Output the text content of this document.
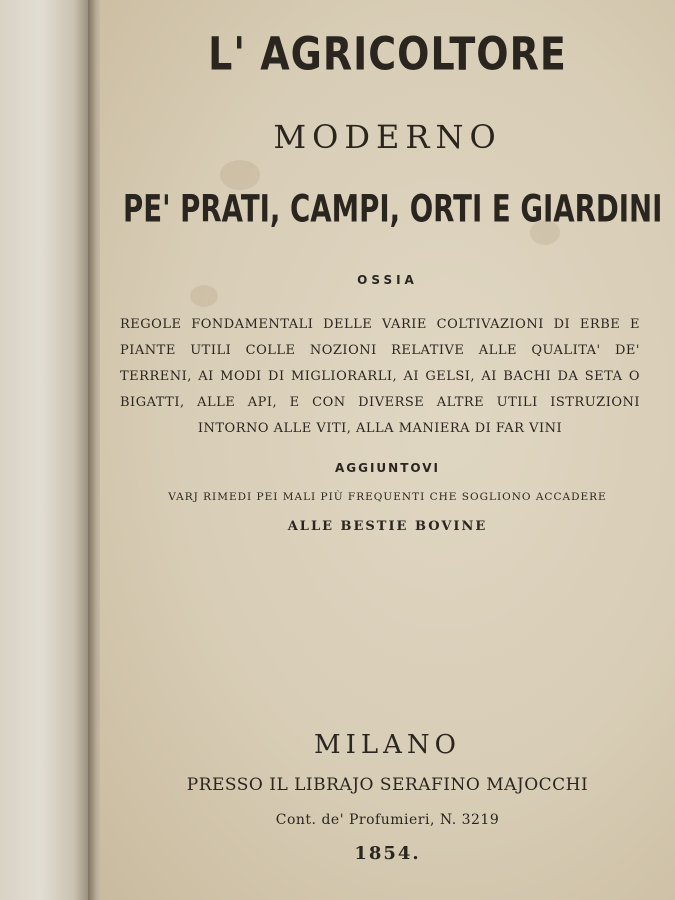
L' AGRICOLTORE
MODERNO
PE' PRATI, CAMPI, ORTI E GIARDINI
OSSIA
REGOLE FONDAMENTALI DELLE VARIE COLTIVAZIONI DI ERBE E PIANTE UTILI COLLE NOZIONI RELATIVE ALLE QUALITA' DE' TERRENI, AI MODI DI MIGLIORARLI, AI GELSI, AI BACHI DA SETA O BIGATTI, ALLE API, E CON DIVERSE ALTRE UTILI ISTRUZIONI INTORNO ALLE VITI, ALLA MANIERA DI FAR VINI
AGGIUNTOVI
VARJ RIMEDI PEI MALI PIÙ FREQUENTI CHE SOGLIONO ACCADERE
ALLE BESTIE BOVINE
MILANO
PRESSO IL LIBRAJO SERAFINO MAJOCCHI
Cont. de' Profumieri, N. 3219
1854.
